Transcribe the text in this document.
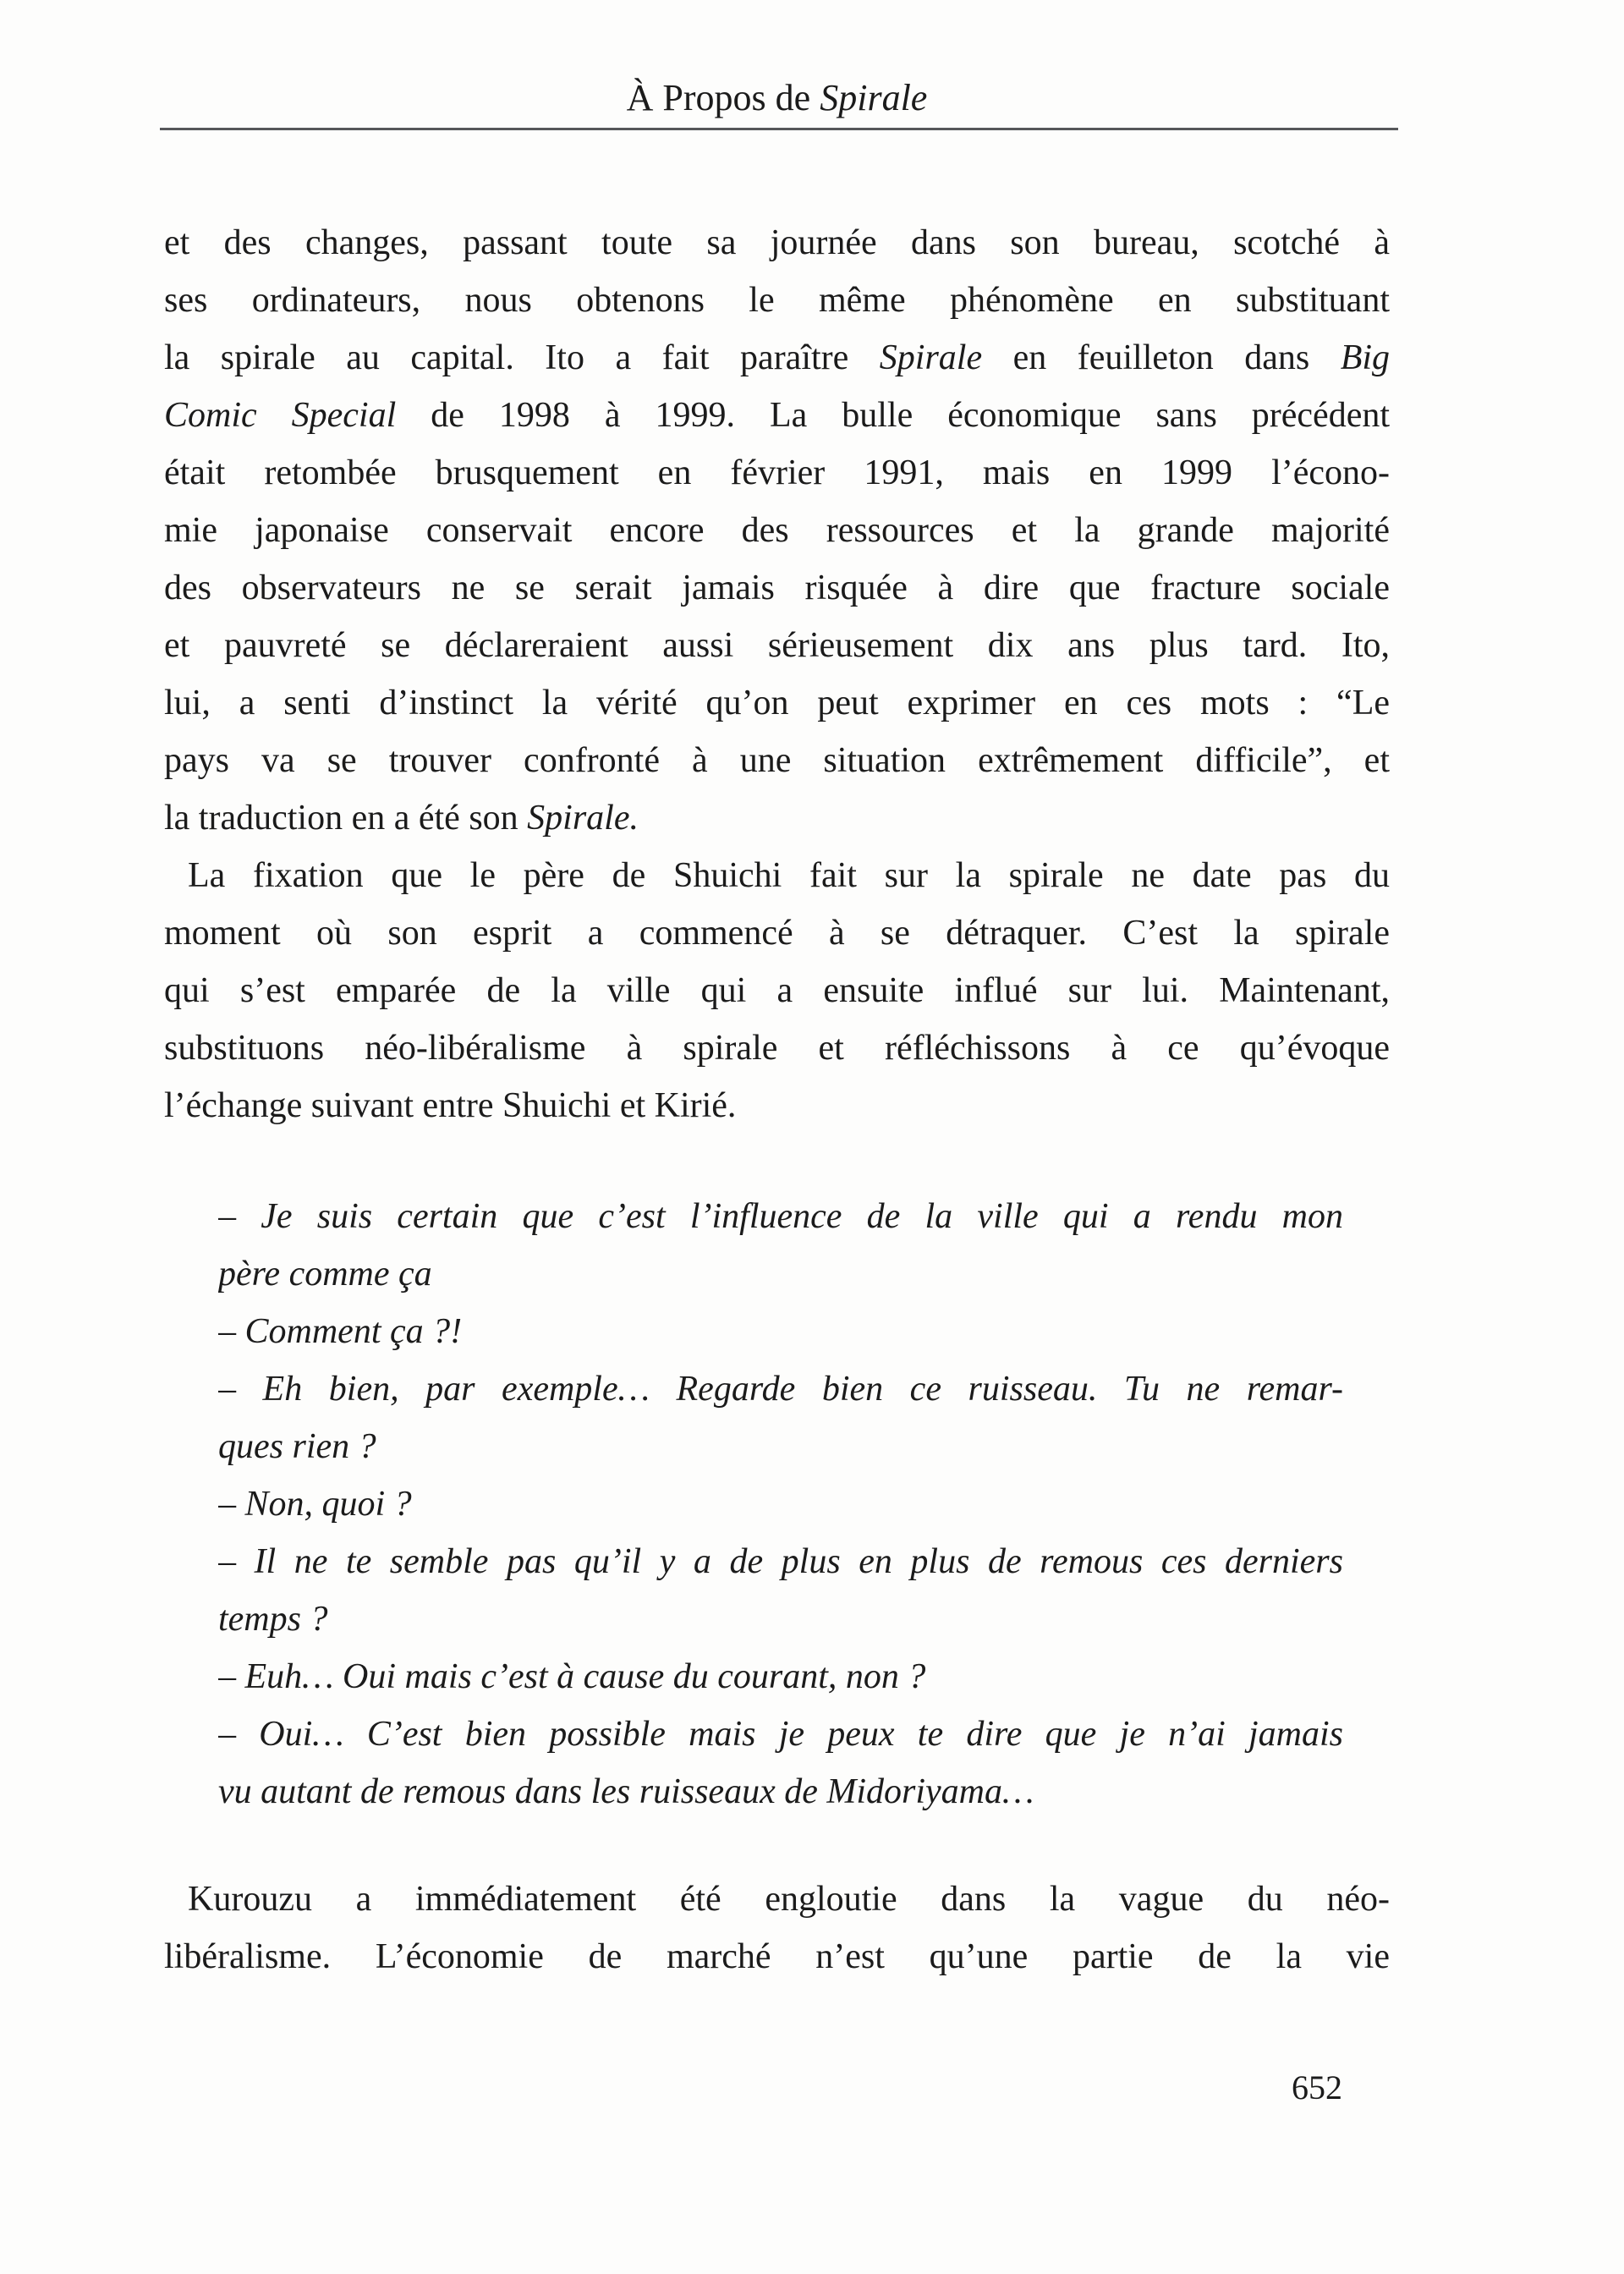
À Propos de Spirale
et des changes, passant toute sa journée dans son bureau, scotché à
ses ordinateurs, nous obtenons le même phénomène en substituant
la spirale au capital. Ito a fait paraître Spirale en feuilleton dans Big
Comic Special de 1998 à 1999. La bulle économique sans précédent
était retombée brusquement en février 1991, mais en 1999 l’écono-
mie japonaise conservait encore des ressources et la grande majorité
des observateurs ne se serait jamais risquée à dire que fracture sociale
et pauvreté se déclareraient aussi sérieusement dix ans plus tard. Ito,
lui, a senti d’instinct la vérité qu’on peut exprimer en ces mots : “Le
pays va se trouver confronté à une situation extrêmement difficile”, et
la traduction en a été son Spirale.
La fixation que le père de Shuichi fait sur la spirale ne date pas du
moment où son esprit a commencé à se détraquer. C’est la spirale
qui s’est emparée de la ville qui a ensuite influé sur lui. Maintenant,
substituons néo-libéralisme à spirale et réfléchissons à ce qu’évoque
l’échange suivant entre Shuichi et Kirié.
– Je suis certain que c’est l’influence de la ville qui a rendu mon
père comme ça
– Comment ça ?!
– Eh bien, par exemple… Regarde bien ce ruisseau. Tu ne remar-
ques rien ?
– Non, quoi ?
– Il ne te semble pas qu’il y a de plus en plus de remous ces derniers
temps ?
– Euh… Oui mais c’est à cause du courant, non ?
– Oui… C’est bien possible mais je peux te dire que je n’ai jamais
vu autant de remous dans les ruisseaux de Midoriyama…
Kurouzu a immédiatement été engloutie dans la vague du néo-
libéralisme. L’économie de marché n’est qu’une partie de la vie
652
